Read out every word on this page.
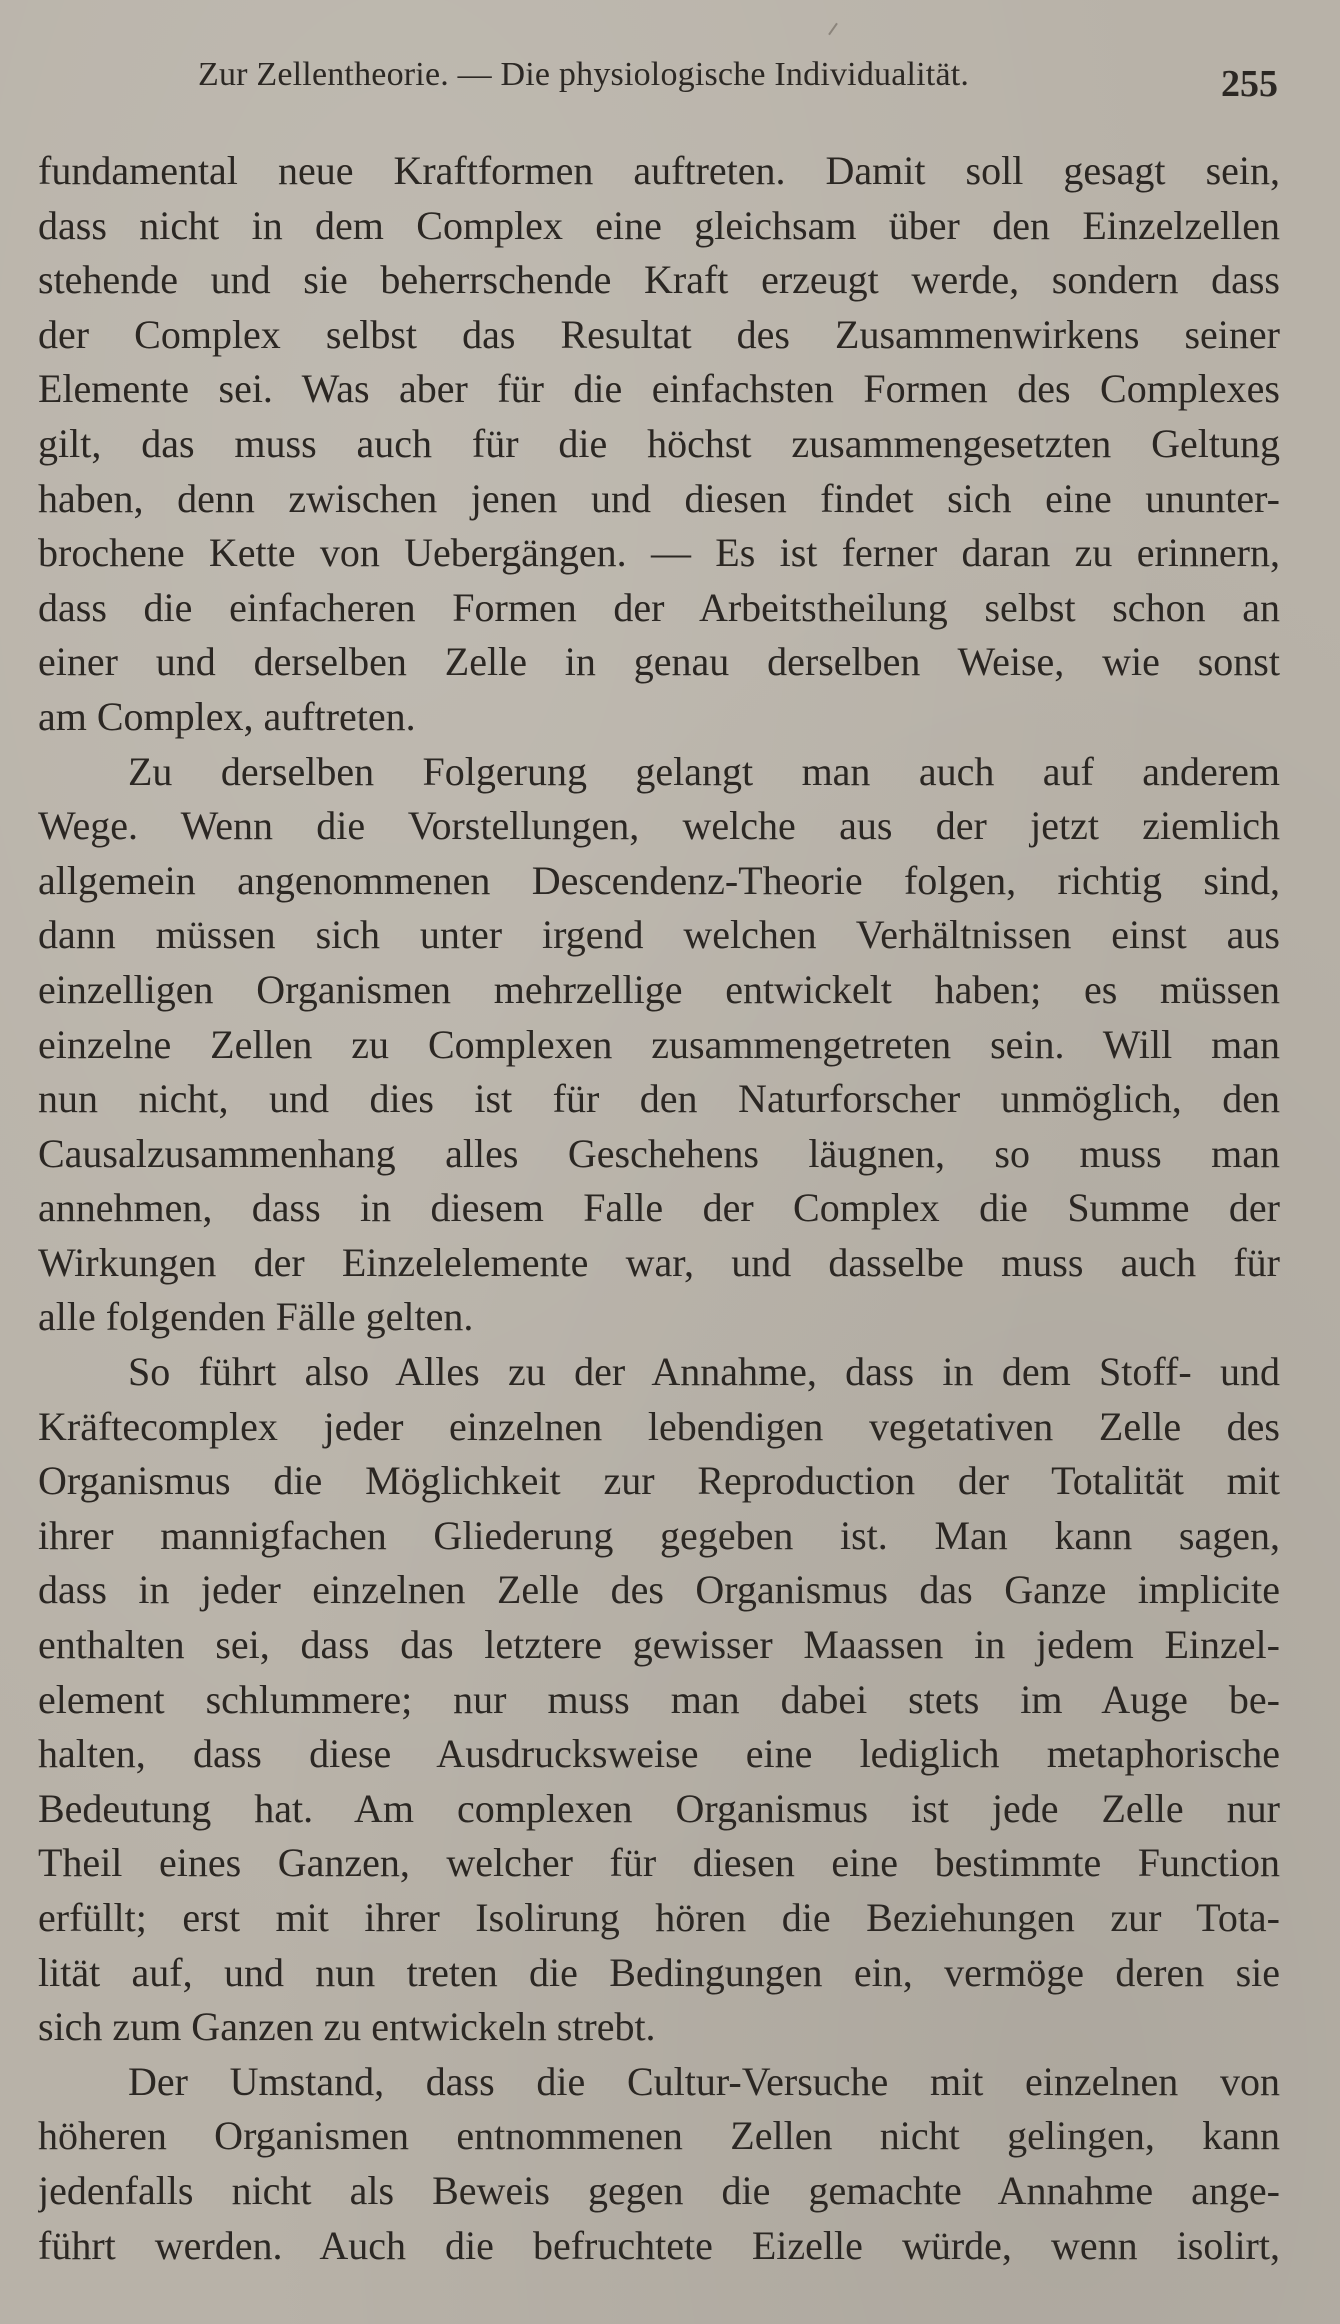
Zur Zellentheorie. — Die physiologische Individualität.	255
fundamental neue Kraftformen auftreten. Damit soll gesagt sein,
dass nicht in dem Complex eine gleichsam über den Einzelzellen
stehende und sie beherrschende Kraft erzeugt werde, sondern dass
der Complex selbst das Resultat des Zusammenwirkens seiner
Elemente sei. Was aber für die einfachsten Formen des Complexes
gilt, das muss auch für die höchst zusammengesetzten Geltung
haben, denn zwischen jenen und diesen findet sich eine ununter-
brochene Kette von Uebergängen. — Es ist ferner daran zu erinnern,
dass die einfacheren Formen der Arbeitstheilung selbst schon an
einer und derselben Zelle in genau derselben Weise, wie sonst
am Complex, auftreten.
Zu derselben Folgerung gelangt man auch auf anderem
Wege. Wenn die Vorstellungen, welche aus der jetzt ziemlich
allgemein angenommenen Descendenz-Theorie folgen, richtig sind,
dann müssen sich unter irgend welchen Verhältnissen einst aus
einzelligen Organismen mehrzellige entwickelt haben; es müssen
einzelne Zellen zu Complexen zusammengetreten sein. Will man
nun nicht, und dies ist für den Naturforscher unmöglich, den
Causalzusammenhang alles Geschehens läugnen, so muss man
annehmen, dass in diesem Falle der Complex die Summe der
Wirkungen der Einzelelemente war, und dasselbe muss auch für
alle folgenden Fälle gelten.
So führt also Alles zu der Annahme, dass in dem Stoff- und
Kräftecomplex jeder einzelnen lebendigen vegetativen Zelle des
Organismus die Möglichkeit zur Reproduction der Totalität mit
ihrer mannigfachen Gliederung gegeben ist. Man kann sagen,
dass in jeder einzelnen Zelle des Organismus das Ganze implicite
enthalten sei, dass das letztere gewisser Maassen in jedem Einzel-
element schlummere; nur muss man dabei stets im Auge be-
halten, dass diese Ausdrucksweise eine lediglich metaphorische
Bedeutung hat. Am complexen Organismus ist jede Zelle nur
Theil eines Ganzen, welcher für diesen eine bestimmte Function
erfüllt; erst mit ihrer Isolirung hören die Beziehungen zur Tota-
lität auf, und nun treten die Bedingungen ein, vermöge deren sie
sich zum Ganzen zu entwickeln strebt.
Der Umstand, dass die Cultur-Versuche mit einzelnen von
höheren Organismen entnommenen Zellen nicht gelingen, kann
jedenfalls nicht als Beweis gegen die gemachte Annahme ange-
führt werden. Auch die befruchtete Eizelle würde, wenn isolirt,
